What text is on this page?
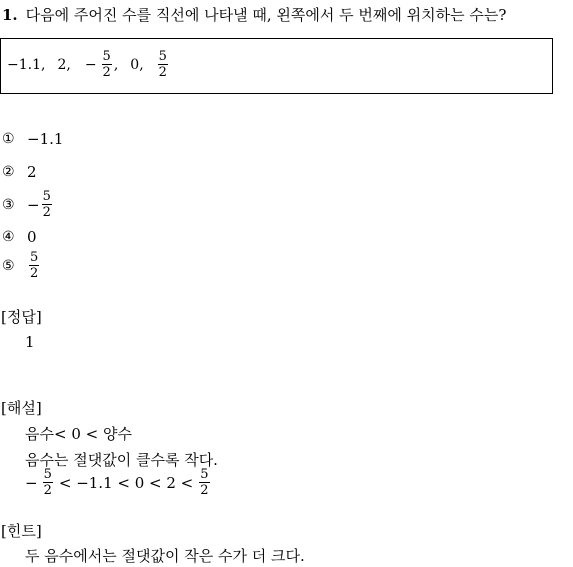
1. 다음에 주어진 수를 직선에 나타낼 때, 왼쪽에서 두 번째에 위치하는 수는?
−1.1, 2, − $\frac{5}{2}$ , 0, $\frac{5}{2}$
① −1.1
② 2
③ − $\frac{5}{2}$
④ 0
⑤	$\frac{5}{2}$
[정답]
1
[해설]
음수< 0 < 양수
음수는 절댓값이 클수록 작다.
− $\frac{5}{2} < -1.1 < 0 < 2 < \frac{5}{2}$
[힌트]
두 음수에서는 절댓값이 작은 수가 더 크다.
